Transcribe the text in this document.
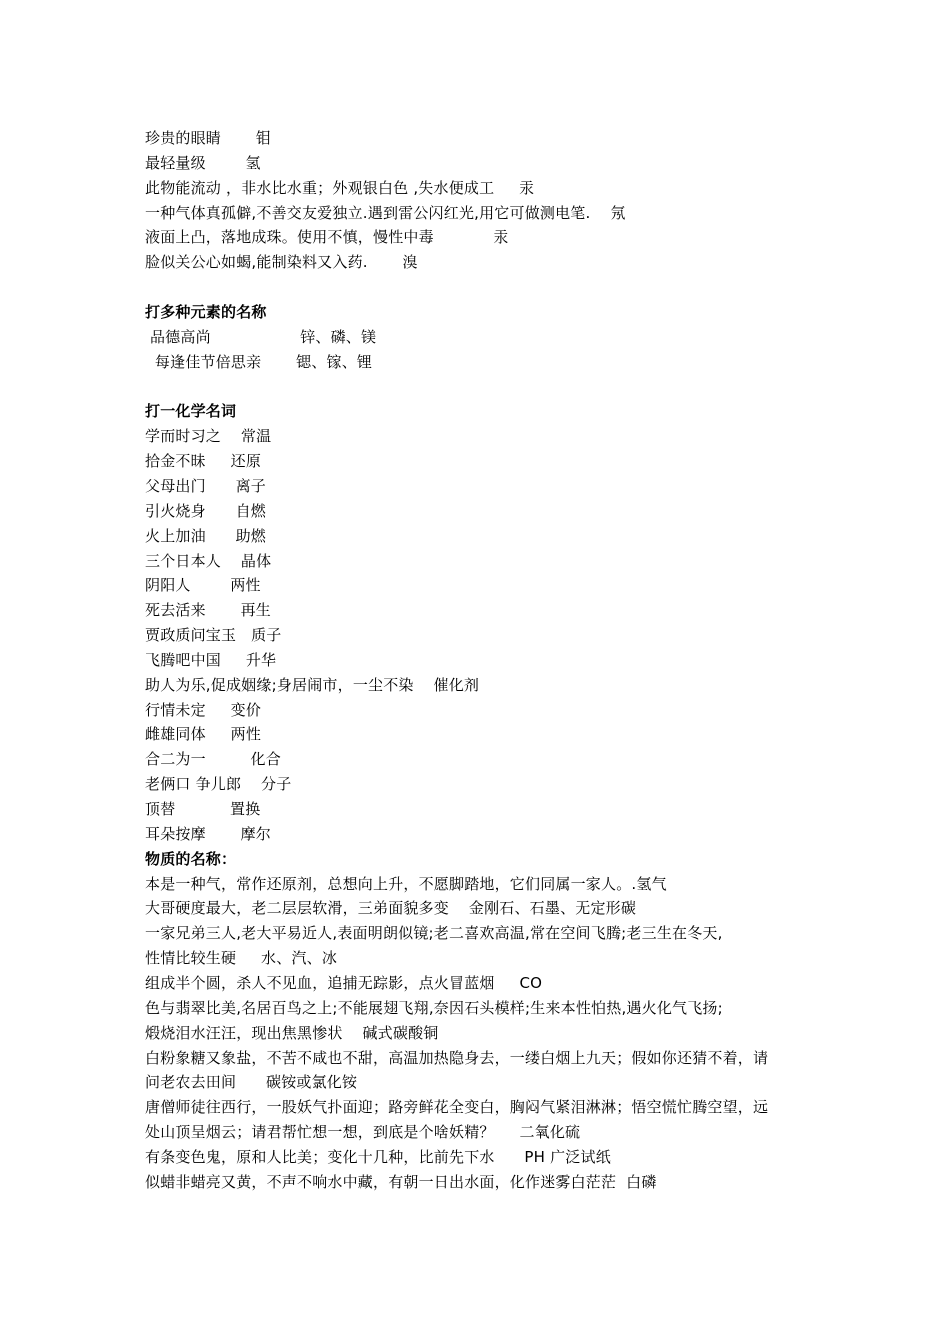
珍贵的眼睛       钼
最轻量级        氢
此物能流动 ，非水比水重；外观银白色 ,失水便成工     汞
一种气体真孤僻,不善交友爱独立.遇到雷公闪红光,用它可做测电笔.    氖
液面上凸，落地成珠。使用不慎，慢性中毒            汞
脸似关公心如蝎,能制染料又入药.       溴
打多种元素的名称
品德高尚                  锌、磷、镁
每逢佳节倍思亲       锶、镓、锂
打一化学名词
学而时习之    常温
拾金不昧     还原
父母出门      离子
引火烧身      自燃
火上加油      助燃
三个日本人    晶体
阴阳人        两性
死去活来       再生
贾政质问宝玉   质子
飞腾吧中国     升华
助人为乐,促成姻缘;身居闹市，一尘不染    催化剂
行情未定     变价
雌雄同体     两性
合二为一         化合
老俩口 争儿郎    分子
顶替           置换
耳朵按摩       摩尔
物质的名称：
本是一种气，常作还原剂，总想向上升，不愿脚踏地，它们同属一家人。.氢气
大哥硬度最大，老二层层软滑，三弟面貌多变    金刚石、石墨、无定形碳
一家兄弟三人,老大平易近人,表面明朗似镜;老二喜欢高温,常在空间飞腾;老三生在冬天,
性情比较生硬     水、汽、冰
组成半个圆，杀人不见血，追捕无踪影，点火冒蓝烟     CO
色与翡翠比美,名居百鸟之上;不能展翅飞翔,奈因石头模样;生来本性怕热,遇火化气飞扬;
煅烧泪水汪汪，现出焦黑惨状    碱式碳酸铜
白粉象糖又象盐，不苦不咸也不甜，高温加热隐身去，一缕白烟上九天；假如你还猜不着，请
问老农去田间      碳铵或氯化铵
唐僧师徒往西行，一股妖气扑面迎；路旁鲜花全变白，胸闷气紧泪淋淋；悟空慌忙腾空望，远
处山顶呈烟云；请君帮忙想一想，到底是个啥妖精？     二氧化硫
有条变色鬼，原和人比美；变化十几种，比前先下水      PH 广泛试纸
似蜡非蜡亮又黄，不声不响水中藏，有朝一日出水面，化作迷雾白茫茫  白磷
